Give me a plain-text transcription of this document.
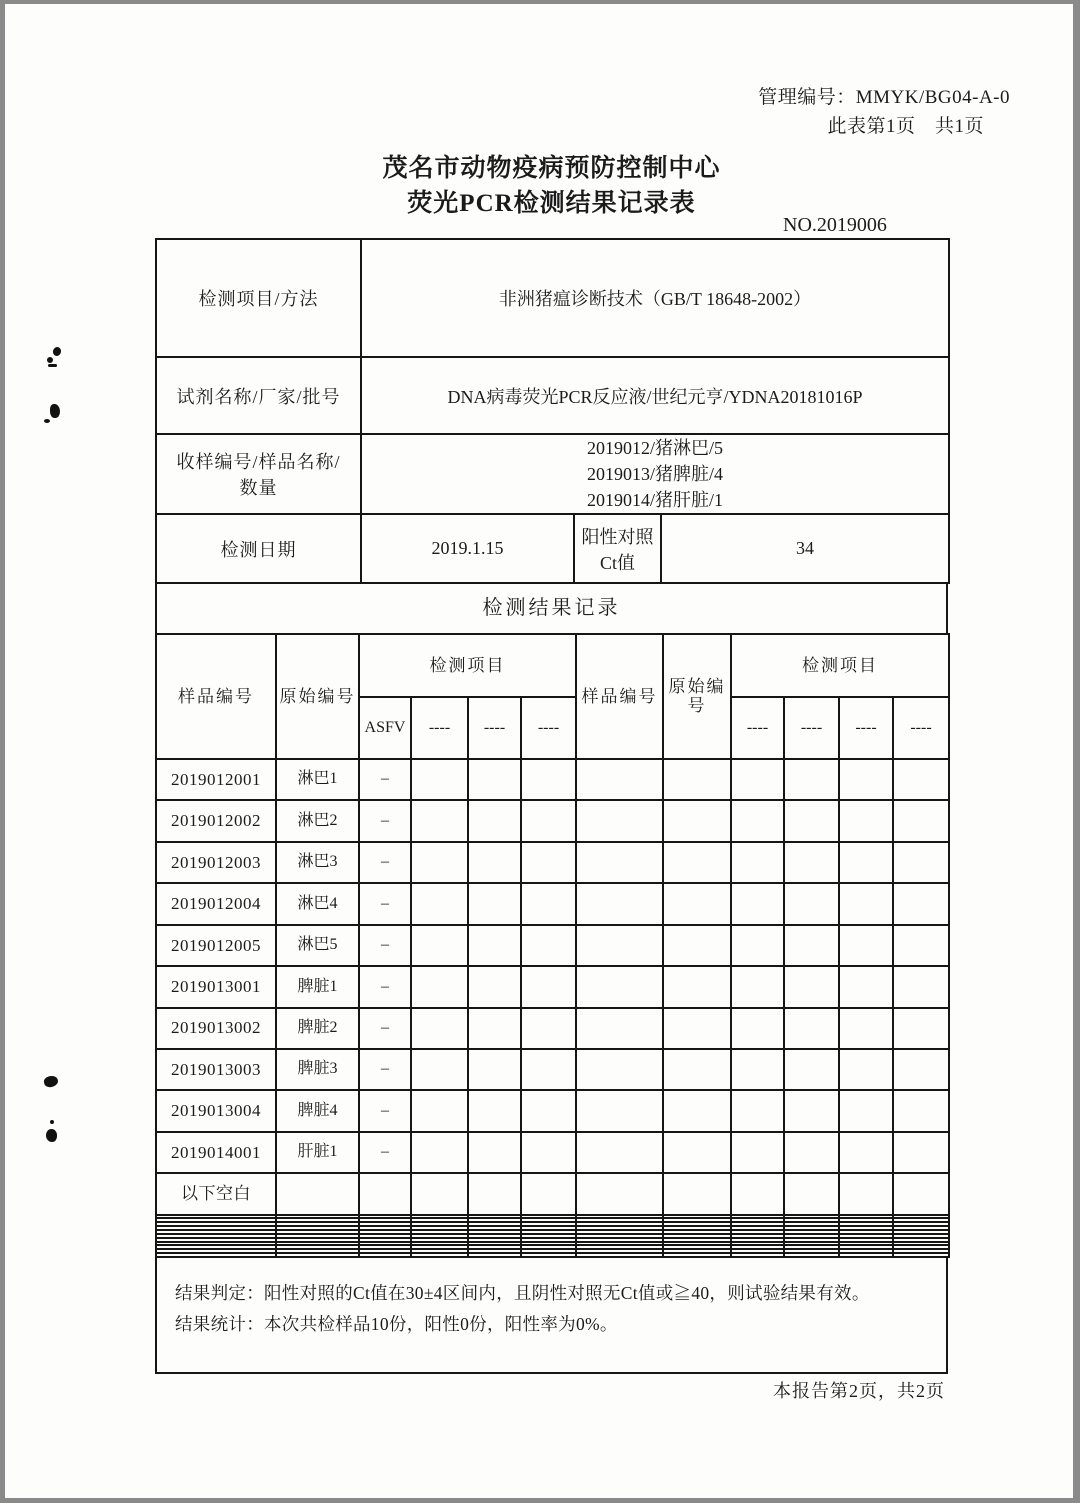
管理编号：MMYK/BG04-A-0
此表第1页　共1页
茂名市动物疫病预防控制中心
荧光PCR检测结果记录表
NO.2019006
检测项目/方法	非洲猪瘟诊断技术（GB/T 18648-2002）		
试剂名称/厂家/批号	DNA病毒荧光PCR反应液/世纪元亨/YDNA20181016P		
收样编号/样品名称/数量	2019012/猪淋巴/5
2019013/猪脾脏/4
2019014/猪肝脏/1		
检测日期	2019.1.15	阳性对照Ct值	34
检测结果记录
样品编号	原始编号	检测项目				样品编号	原始编号	检测项目			
		ASFV	----	----	----			----	----	----	----
2019012001	淋巴1	–									
2019012002	淋巴2	–									
2019012003	淋巴3	–									
2019012004	淋巴4	–									
2019012005	淋巴5	–									
2019013001	脾脏1	–									
2019013002	脾脏2	–									
2019013003	脾脏3	–									
2019013004	脾脏4	–									
2019014001	肝脏1	–									
以下空白											

结果判定：阳性对照的Ct值在30±4区间内，且阴性对照无Ct值或≧40，则试验结果有效。
结果统计：本次共检样品10份，阳性0份，阳性率为0%。
本报告第2页，共2页
